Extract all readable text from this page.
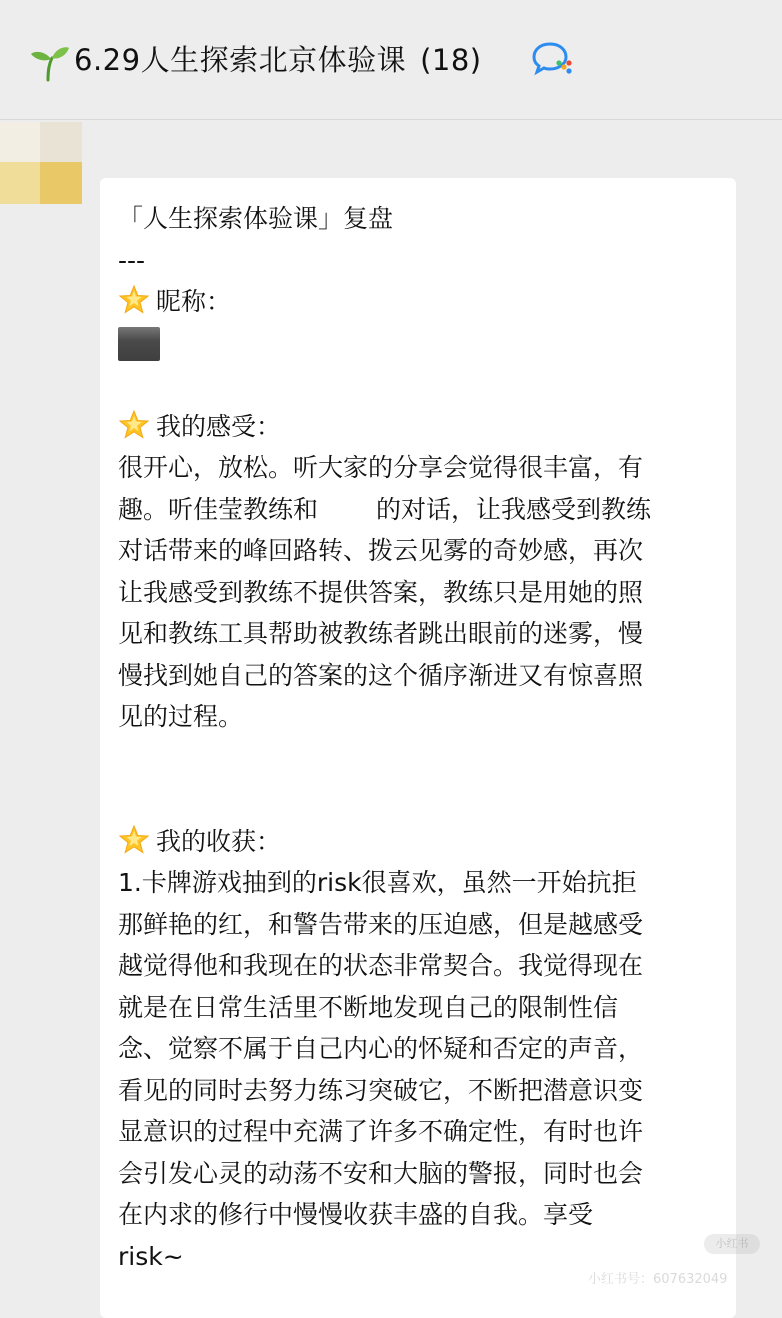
6.29人生探索北京体验课 (18)
「人生探索体验课」复盘
---
昵称：
我的感受：
很开心，放松。听大家的分享会觉得很丰富，有
趣。听佳莹教练和 的对话，让我感受到教练
对话带来的峰回路转、拨云见雾的奇妙感，再次
让我感受到教练不提供答案，教练只是用她的照
见和教练工具帮助被教练者跳出眼前的迷雾，慢
慢找到她自己的答案的这个循序渐进又有惊喜照
见的过程。
我的收获：
1.卡牌游戏抽到的risk很喜欢，虽然一开始抗拒
那鲜艳的红，和警告带来的压迫感，但是越感受
越觉得他和我现在的状态非常契合。我觉得现在
就是在日常生活里不断地发现自己的限制性信
念、觉察不属于自己内心的怀疑和否定的声音，
看见的同时去努力练习突破它，不断把潜意识变
显意识的过程中充满了许多不确定性，有时也许
会引发心灵的动荡不安和大脑的警报，同时也会
在内求的修行中慢慢收获丰盛的自我。享受
risk~	小红书
小红书号：607632049
